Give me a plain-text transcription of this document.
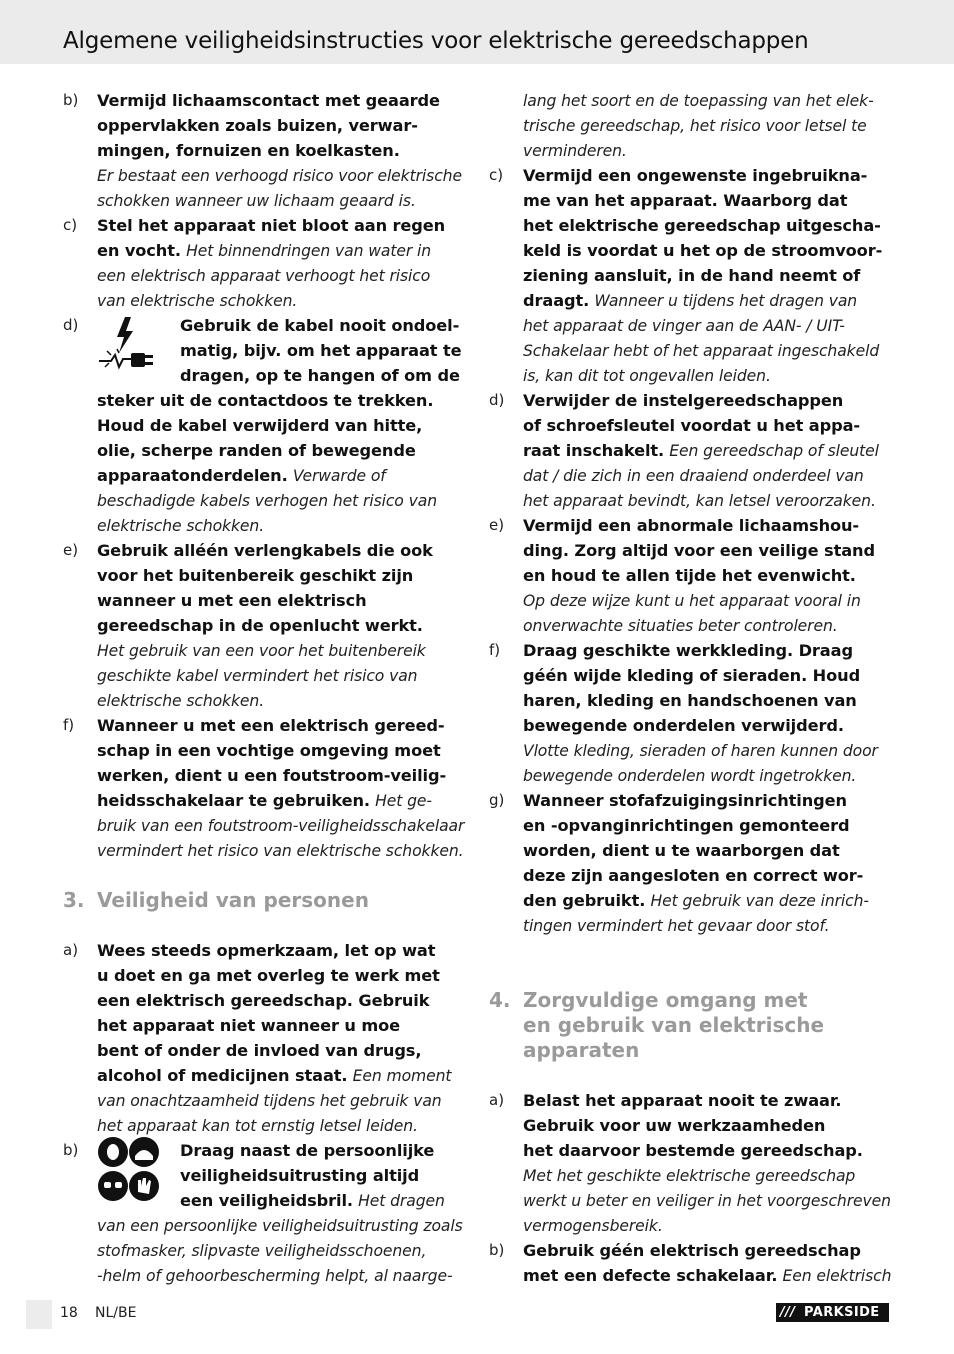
Algemene veiligheidsinstructies voor elektrische gereedschappen
b) Vermijd lichaamscontact met geaarde
oppervlakken zoals buizen, verwar-
mingen, fornuizen en koelkasten.
Er bestaat een verhoogd risico voor elektrische
schokken wanneer uw lichaam geaard is.
c) Stel het apparaat niet bloot aan regen
en vocht. Het binnendringen van water in
een elektrisch apparaat verhoogt het risico
van elektrische schokken.
d)	Gebruik de kabel nooit ondoel-
matig, bijv. om het apparaat te
dragen, op te hangen of om de
steker uit de contactdoos te trekken.
Houd de kabel verwijderd van hitte,
olie, scherpe randen of bewegende
apparaatonderdelen. Verwarde of
beschadigde kabels verhogen het risico van
elektrische schokken.
e) Gebruik alléén verlengkabels die ook
voor het buitenbereik geschikt zijn
wanneer u met een elektrisch
gereedschap in de openlucht werkt.
Het gebruik van een voor het buitenbereik
geschikte kabel vermindert het risico van
elektrische schokken.
f) Wanneer u met een elektrisch gereed-
schap in een vochtige omgeving moet
werken, dient u een foutstroom-veilig-
heidsschakelaar te gebruiken. Het ge-
bruik van een foutstroom-veiligheidsschakelaar
vermindert het risico van elektrische schokken.
3. Veiligheid van personen
a) Wees steeds opmerkzaam, let op wat
u doet en ga met overleg te werk met
een elektrisch gereedschap. Gebruik
het apparaat niet wanneer u moe
bent of onder de invloed van drugs,
alcohol of medicijnen staat. Een moment
van onachtzaamheid tijdens het gebruik van
het apparaat kan tot ernstig letsel leiden.
b)	Draag naast de persoonlijke
veiligheidsuitrusting altijd
een veiligheidsbril. Het dragen
van een persoonlijke veiligheidsuitrusting zoals
stofmasker, slipvaste veiligheidsschoenen,
-helm of gehoorbescherming helpt, al naarge-
lang het soort en de toepassing van het elek-
trische gereedschap, het risico voor letsel te
verminderen.
c) Vermijd een ongewenste ingebruikna-
me van het apparaat. Waarborg dat
het elektrische gereedschap uitgescha-
keld is voordat u het op de stroomvoor-
ziening aansluit, in de hand neemt of
draagt. Wanneer u tijdens het dragen van
het apparaat de vinger aan de AAN- / UIT-
Schakelaar hebt of het apparaat ingeschakeld
is, kan dit tot ongevallen leiden.
d) Verwijder de instelgereedschappen
of schroefsleutel voordat u het appa-
raat inschakelt. Een gereedschap of sleutel
dat / die zich in een draaiend onderdeel van
het apparaat bevindt, kan letsel veroorzaken.
e) Vermijd een abnormale lichaamshou-
ding. Zorg altijd voor een veilige stand
en houd te allen tijde het evenwicht.
Op deze wijze kunt u het apparaat vooral in
onverwachte situaties beter controleren.
f) Draag geschikte werkkleding. Draag
géén wijde kleding of sieraden. Houd
haren, kleding en handschoenen van
bewegende onderdelen verwijderd.
Vlotte kleding, sieraden of haren kunnen door
bewegende onderdelen wordt ingetrokken.
g) Wanneer stofafzuigingsinrichtingen
en -opvanginrichtingen gemonteerd
worden, dient u te waarborgen dat
deze zijn aangesloten en correct wor-
den gebruikt. Het gebruik van deze inrich-
tingen vermindert het gevaar door stof.
4. Zorgvuldige omgang met
en gebruik van elektrische
apparaten
a) Belast het apparaat nooit te zwaar.
Gebruik voor uw werkzaamheden
het daarvoor bestemde gereedschap.
Met het geschikte elektrische gereedschap
werkt u beter en veiliger in het voorgeschreven
vermogensbereik.
b) Gebruik géén elektrisch gereedschap
met een defecte schakelaar. Een elektrisch
18 NL/BE	/// PARKSIDE
